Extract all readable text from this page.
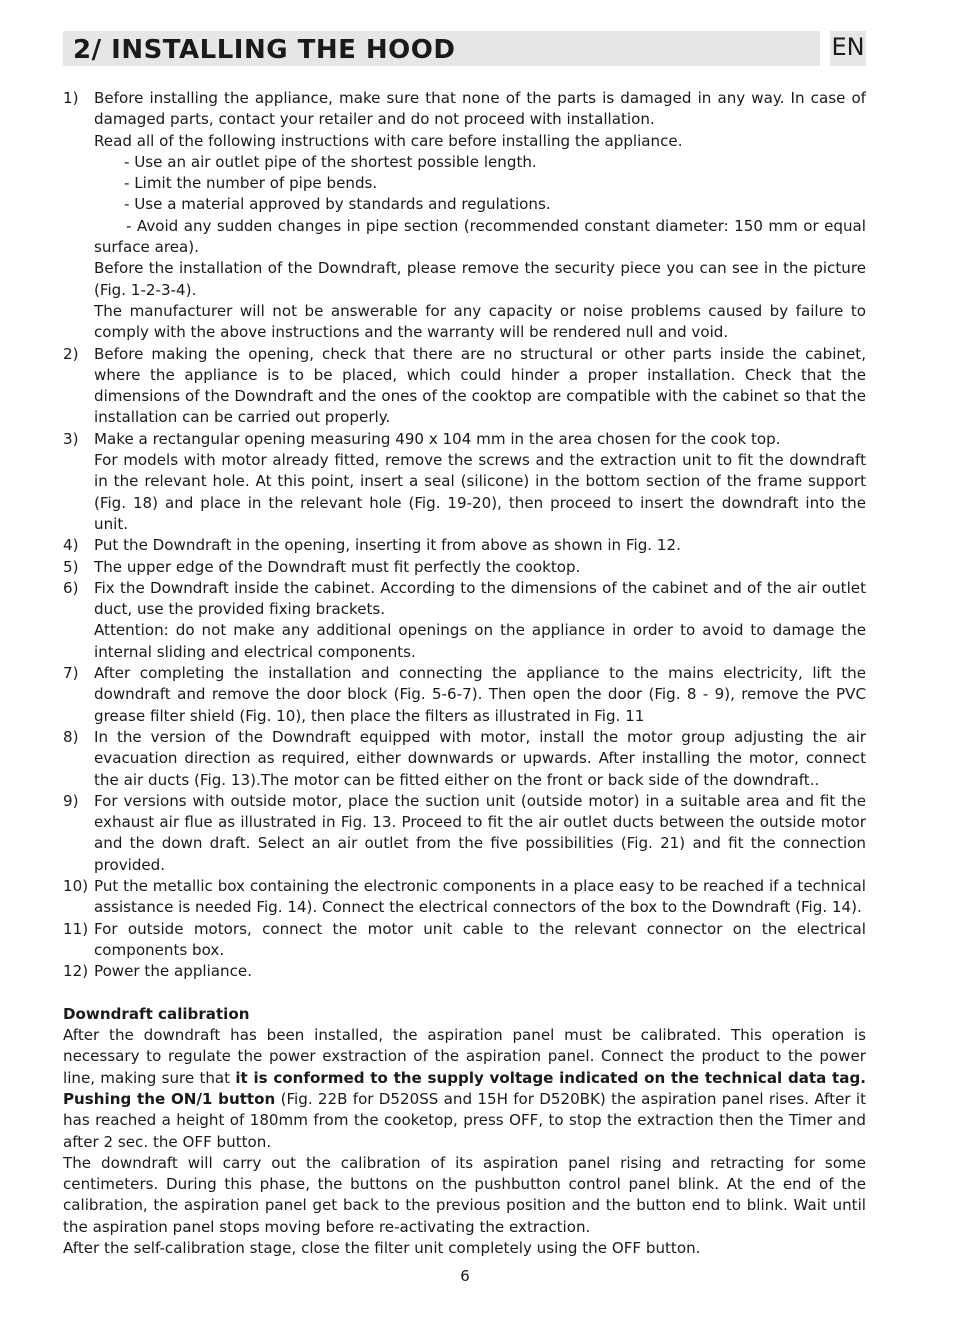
2/ INSTALLING THE HOOD	EN
1) Before installing the appliance, make sure that none of the parts is damaged in any way. In case of damaged parts, contact your retailer and do not proceed with installation.
Read all of the following instructions with care before installing the appliance.
- Use an air outlet pipe of the shortest possible length.
- Limit the number of pipe bends.
- Use a material approved by standards and regulations.
- Avoid any sudden changes in pipe section (recommended constant diameter: 150 mm or equal surface area).
Before the installation of the Downdraft, please remove the security piece you can see in the picture (Fig. 1-2-3-4).
The manufacturer will not be answerable for any capacity or noise problems caused by failure to comply with the above instructions and the warranty will be rendered null and void.
2) Before making the opening, check that there are no structural or other parts inside the cabinet, where the appliance is to be placed, which could hinder a proper installation. Check that the dimensions of the Downdraft and the ones of the cooktop are compatible with the cabinet so that the installation can be carried out properly.
3) Make a rectangular opening measuring 490 x 104 mm in the area chosen for the cook top.
For models with motor already fitted, remove the screws and the extraction unit to fit the downdraft in the relevant hole. At this point, insert a seal (silicone) in the bottom section of the frame support (Fig. 18) and place in the relevant hole (Fig. 19-20), then proceed to insert the downdraft into the unit.
4) Put the Downdraft in the opening, inserting it from above as shown in Fig. 12.
5) The upper edge of the Downdraft must fit perfectly the cooktop.
6) Fix the Downdraft inside the cabinet. According to the dimensions of the cabinet and of the air outlet duct, use the provided fixing brackets.
Attention: do not make any additional openings on the appliance in order to avoid to damage the internal sliding and electrical components.
7) After completing the installation and connecting the appliance to the mains electricity, lift the downdraft and remove the door block (Fig. 5-6-7). Then open the door (Fig. 8 - 9), remove the PVC grease filter shield (Fig. 10), then place the filters as illustrated in Fig. 11
8) In the version of the Downdraft equipped with motor, install the motor group adjusting the air evacuation direction as required, either downwards or upwards. After installing the motor, connect the air ducts (Fig. 13).The motor can be fitted either on the front or back side of the downdraft..
9) For versions with outside motor, place the suction unit (outside motor) in a suitable area and fit the exhaust air flue as illustrated in Fig. 13. Proceed to fit the air outlet ducts between the outside motor and the down draft. Select an air outlet from the five possibilities (Fig. 21) and fit the connection provided.
10) Put the metallic box containing the electronic components in a place easy to be reached if a technical assistance is needed Fig. 14). Connect the electrical connectors of the box to the Downdraft (Fig. 14).
11) For outside motors, connect the motor unit cable to the relevant connector on the electrical components box.
12) Power the appliance.
Downdraft calibration
After the downdraft has been installed, the aspiration panel must be calibrated. This operation is necessary to regulate the power exstraction of the aspiration panel. Connect the product to the power line, making sure that it is conformed to the supply voltage indicated on the technical data tag. Pushing the ON/1 button (Fig. 22B for D520SS and 15H for D520BK) the aspiration panel rises. After it has reached a height of 180mm from the cooketop, press OFF, to stop the extraction then the Timer and after 2 sec. the OFF button.
The downdraft will carry out the calibration of its aspiration panel rising and retracting for some centimeters. During this phase, the buttons on the pushbutton control panel blink. At the end of the calibration, the aspiration panel get back to the previous position and the button end to blink. Wait until the aspiration panel stops moving before re-activating the extraction.
After the self-calibration stage, close the filter unit completely using the OFF button.
6
